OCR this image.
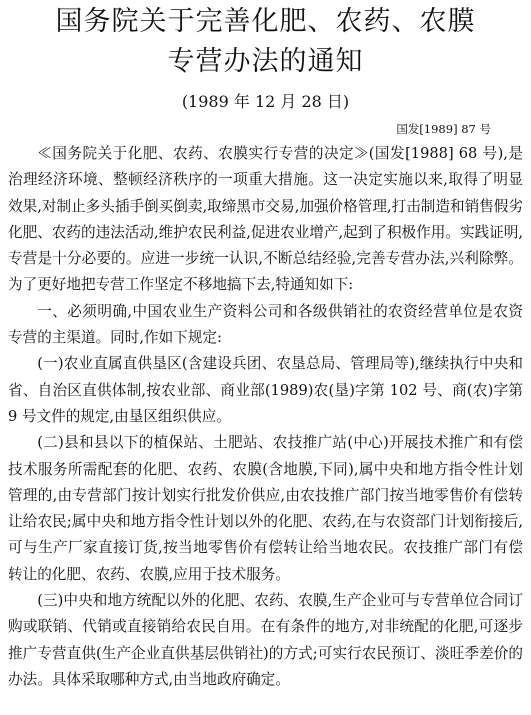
国务院关于完善化肥、农药、农膜
专营办法的通知
(1989 年 12 月 28 日)
国发[1989] 87 号

≪国务院关于化肥、农药、农膜实行专营的决定≫(国发[1988] 68 号),是治理经济环境、整顿经济秩序的一项重大措施。这一决定实施以来,取得了明显效果,对制止多头插手倒买倒卖,取缔黑市交易,加强价格管理,打击制造和销售假劣化肥、农药的违法活动,维护农民利益,促进农业增产,起到了积极作用。实践证明,专营是十分必要的。应进一步统一认识,不断总结经验,完善专营办法,兴利除弊。为了更好地把专营工作坚定不移地搞下去,特通知如下:

一、必须明确,中国农业生产资料公司和各级供销社的农资经营单位是农资专营的主渠道。同时,作如下规定:

(一)农业直属直供垦区(含建设兵团、农垦总局、管理局等),继续执行中央和省、自治区直供体制,按农业部、商业部(1989)农(垦)字第 102 号、商(农)字第 9 号文件的规定,由垦区组织供应。

(二)县和县以下的植保站、土肥站、农技推广站(中心)开展技术推广和有偿技术服务所需配套的化肥、农药、农膜(含地膜,下同),属中央和地方指令性计划管理的,由专营部门按计划实行批发价供应,由农技推广部门按当地零售价有偿转让给农民;属中央和地方指令性计划以外的化肥、农药,在与农资部门计划衔接后,可与生产厂家直接订货,按当地零售价有偿转让给当地农民。农技推广部门有偿转让的化肥、农药、农膜,应用于技术服务。

(三)中央和地方统配以外的化肥、农药、农膜,生产企业可与专营单位合同订购或联销、代销或直接销给农民自用。在有条件的地方,对非统配的化肥,可逐步推广专营直供(生产企业直供基层供销社)的方式;可实行农民预订、淡旺季差价的办法。具体采取哪种方式,由当地政府确定。
